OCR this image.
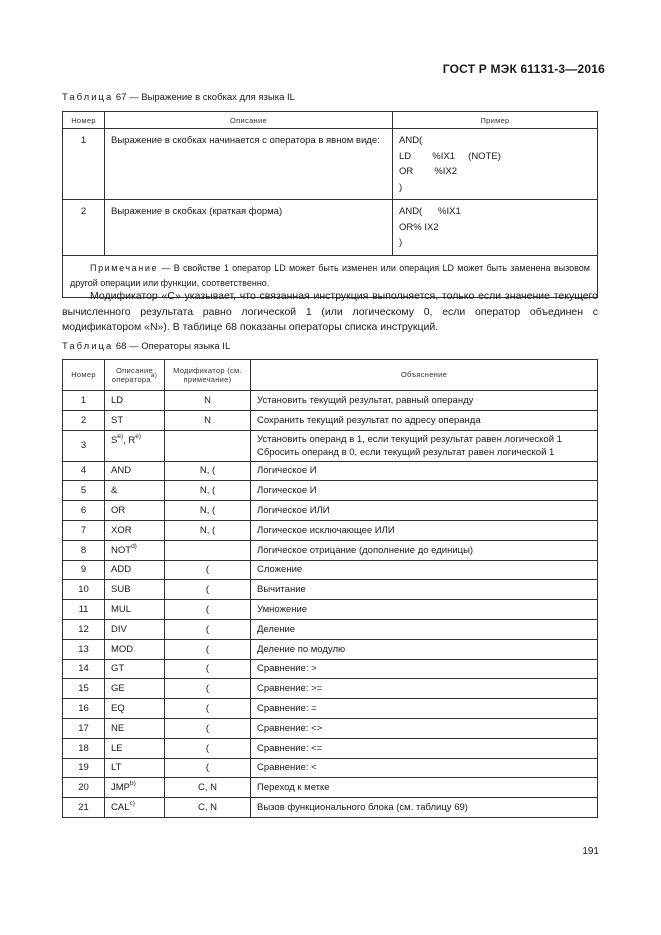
ГОСТ Р МЭК 61131-3—2016
Таблица 67 — Выражение в скобках для языка IL
Номер	Описание	Пример
1	Выражение в скобках начинается с оператора в явном виде:	AND(
LD        %IX1     (NOTE)
OR        %IX2
)
2	Выражение в скобках (краткая форма)	AND(      %IX1
OR% IX2
)
Примечание — В свойстве 1 оператор LD может быть изменен или операция LD может быть заменена вызовом другой операции или функции, соответственно.		
Модификатор «С» указывает, что связанная инструкция выполняется, только если значение текущего вычисленного результата равно логической 1 (или логическому 0, если оператор объединен с модификатором «N»). В таблице 68 показаны операторы списка инструкций.
Таблица 68 — Операторы языка IL
Номер	Описание оператора$^{а)}$	Модификатор (см. примечание)	Объяснение
1	LD	N	Установить текущий результат, равный операнду

2	ST	N	Сохранить текущий результат по адресу операнда

3	$S^{e)}$, $R^{e)}$		Установить операнд в 1, если текущий результат равен логической 1
Сбросить операнд в 0, если текущий результат равен логической 1

4	AND	N, (	Логическое И

5	&	N, (	Логическое И

6	OR	N, (	Логическое ИЛИ

7	XOR	N, (	Логическое исключающее ИЛИ

8	NOT$^{d)}$		Логическое отрицание (дополнение до единицы)

9	ADD	(	Сложение

10	SUB	(	Вычитание

11	MUL	(	Умножение

12	DIV	(	Деление

13	MOD	(	Деление по модулю

14	GT	(	Сравнение: >

15	GE	(	Сравнение: >=

16	EQ	(	Сравнение: =

17	NE	(	Сравнение: <>

18	LE	(	Сравнение: <=

19	LT	(	Сравнение: <

20	JMP$^{b)}$	C, N	Переход к метке

21	CAL$^{c)}$	C, N	Вызов функционального блока (см. таблицу 69)
191
